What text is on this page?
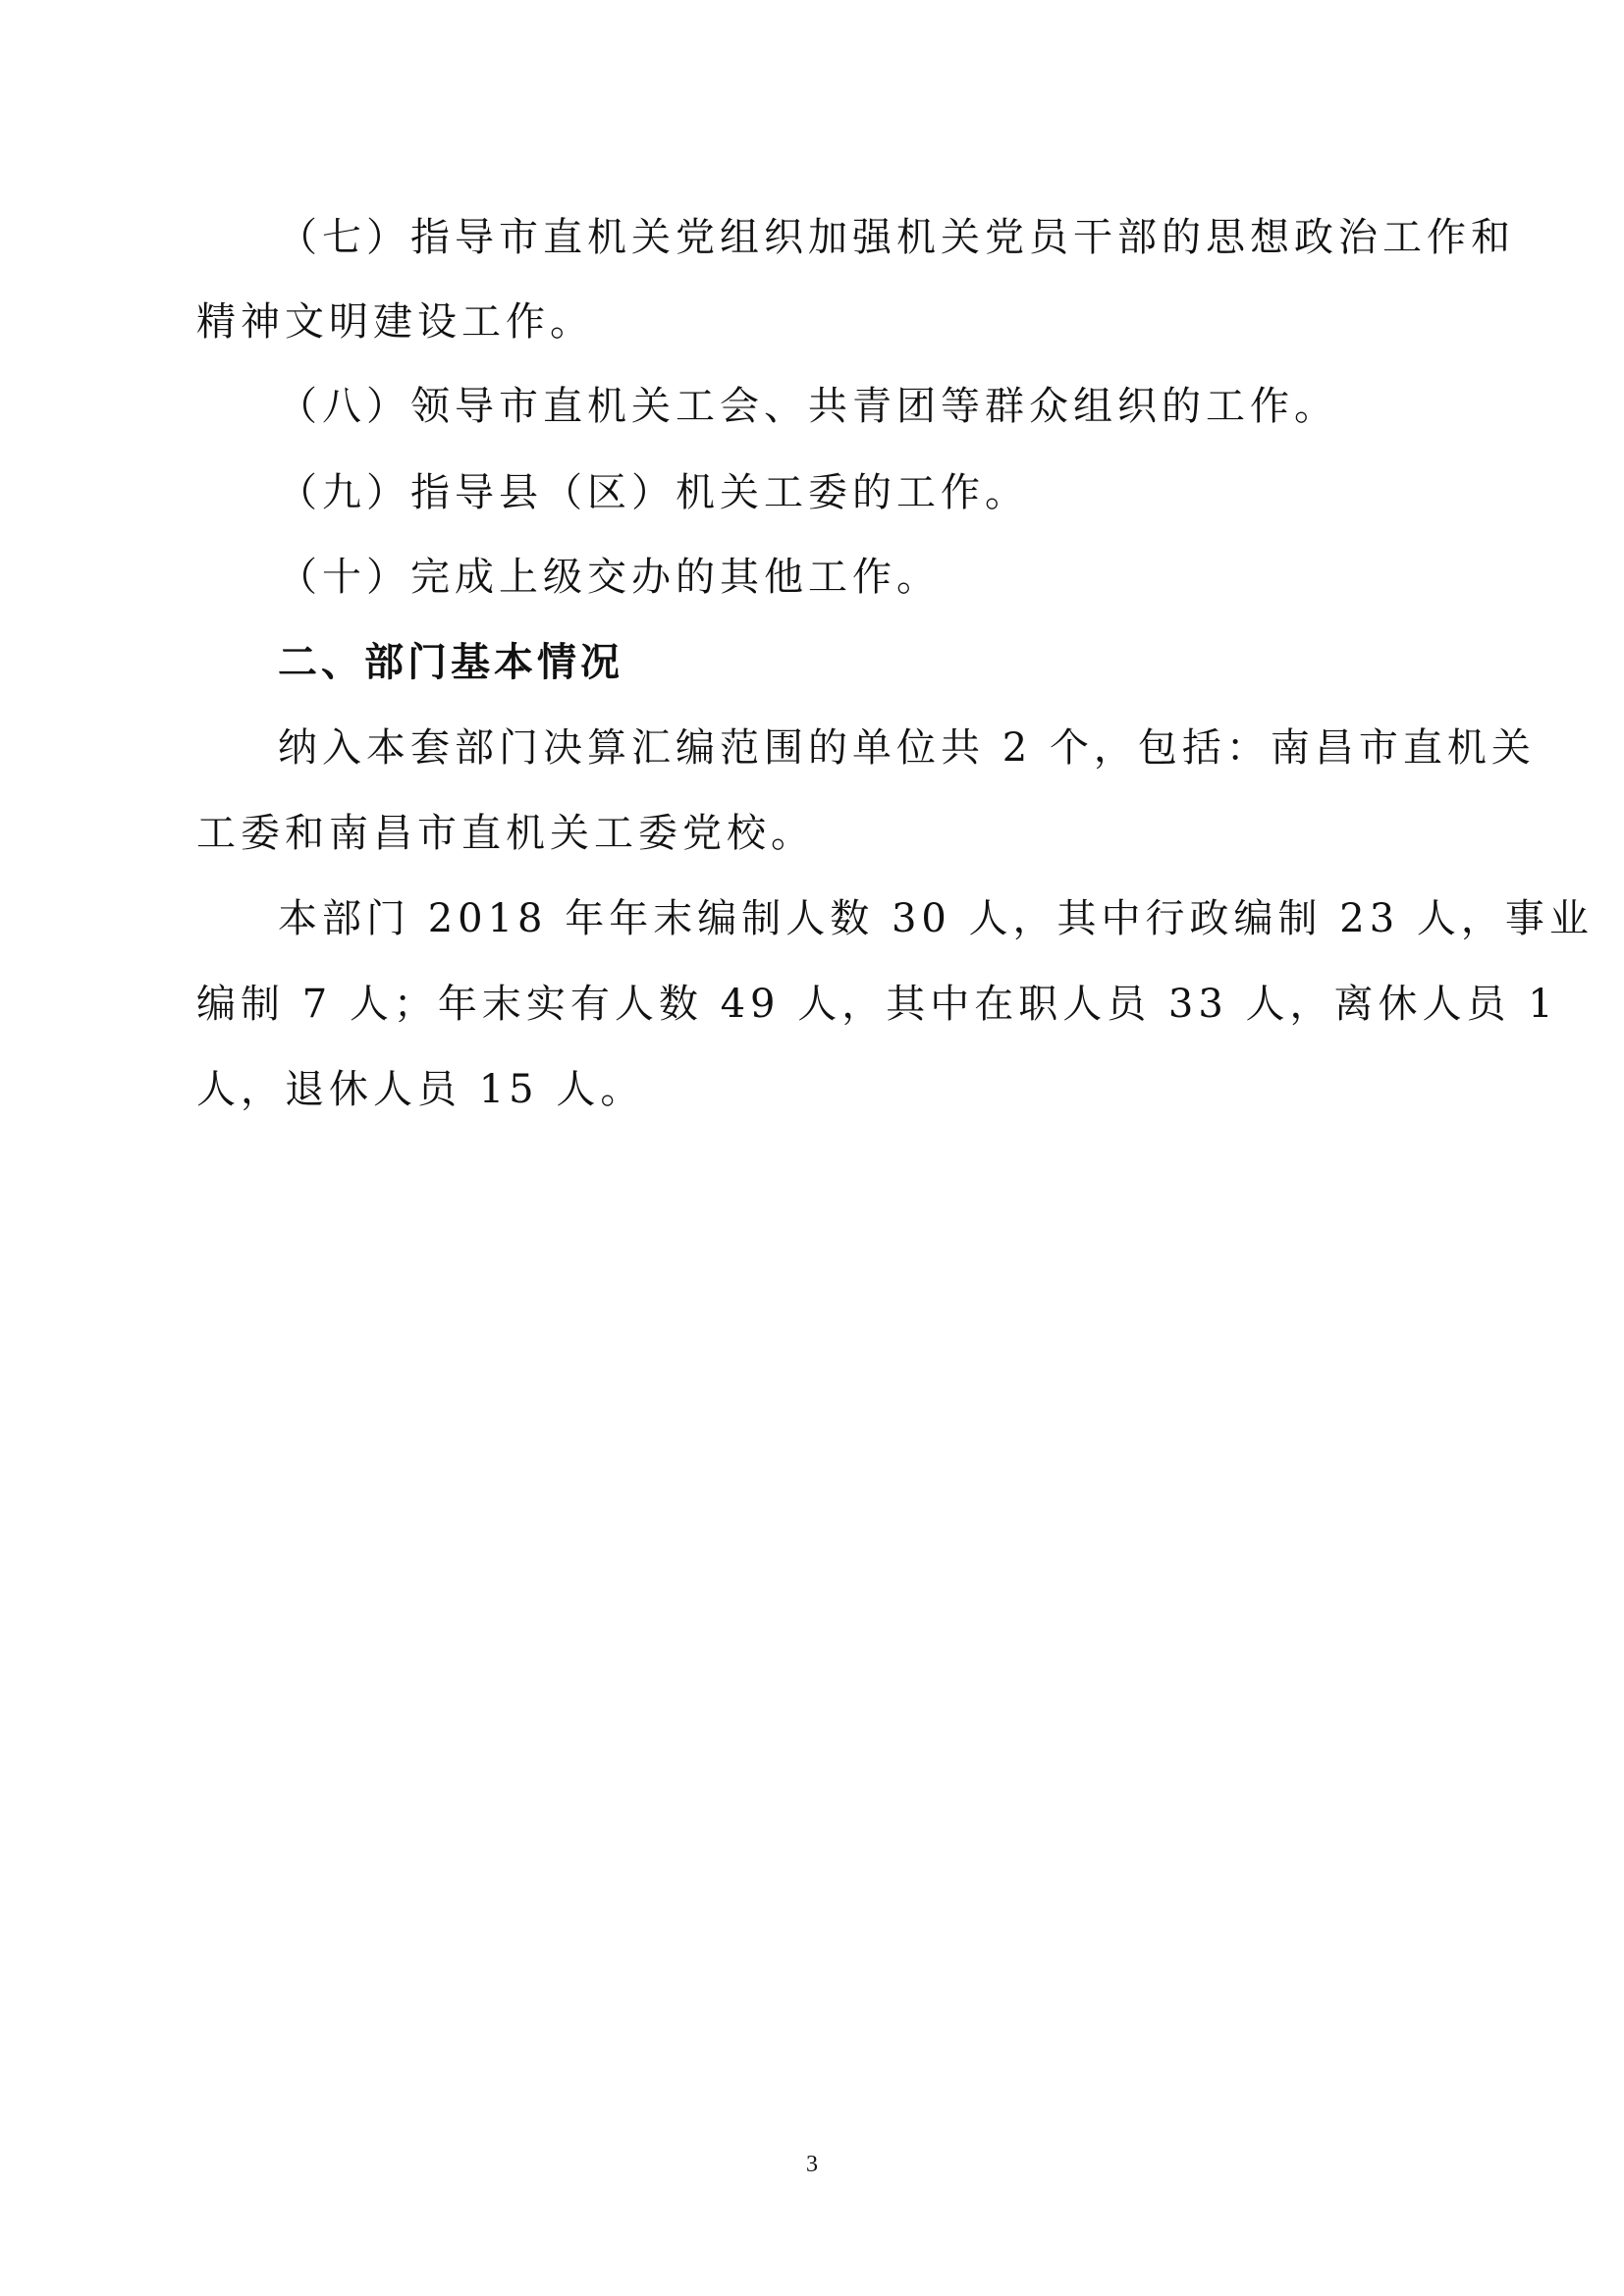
（七）指导市直机关党组织加强机关党员干部的思想政治工作和
精神文明建设工作。
（八）领导市直机关工会、共青团等群众组织的工作。
（九）指导县（区）机关工委的工作。
（十）完成上级交办的其他工作。
二、部门基本情况
纳入本套部门决算汇编范围的单位共 2 个，包括：南昌市直机关
工委和南昌市直机关工委党校。
本部门 2018 年年末编制人数 30 人，其中行政编制 23 人，事业
编制 7 人；年末实有人数 49 人，其中在职人员 33 人，离休人员 1
人，退休人员 15 人。
3
